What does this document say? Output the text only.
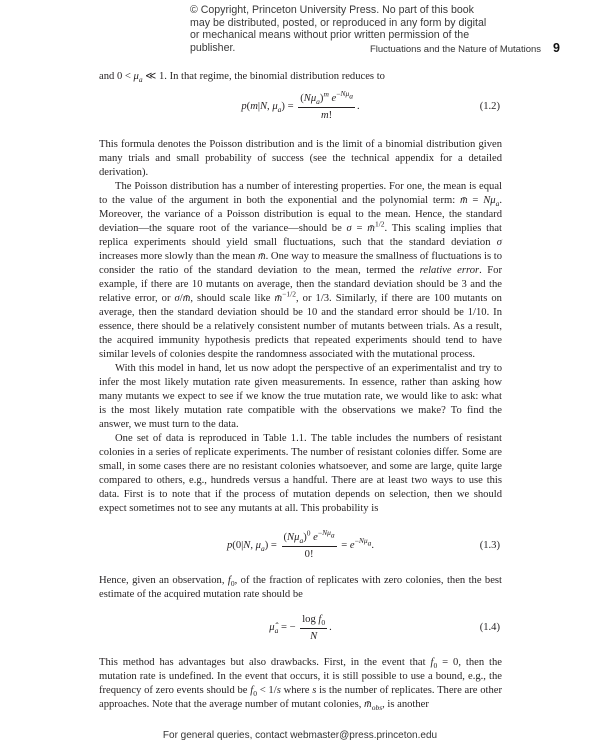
© Copyright, Princeton University Press. No part of this book may be distributed, posted, or reproduced in any form by digital or mechanical means without prior written permission of the publisher.	Fluctuations and the Nature of Mutations 9

and $0 < \mu_a$ ≪ 1. In that regime, the binomial distribution reduces to

p(m|N, $\mu_a) = \frac{(N\mu_a)^m e^{-N\mu_a}}{m!}$ .	(1.2)

This formula denotes the Poisson distribution and is the limit of a binomial distribution given many trials and small probability of success (see the technical appendix for a detailed derivation).

The Poisson distribution has a number of interesting properties. For one, the mean is equal to the value of the argument in both the exponential and the polynomial term: m̄ = $N\mu_a$. Moreover, the variance of a Poisson distribution is equal to the mean. Hence, the standard deviation—the square root of the variance—should be σ = m̄$^{1/2}$. This scaling implies that replica experiments should yield small fluctuations, such that the standard deviation σ increases more slowly than the mean m̄. One way to measure the smallness of fluctuations is to consider the ratio of the standard deviation to the mean, termed the relative error. For example, if there are 10 mutants on average, then the standard deviation should be 3 and the relative error, or σ/m̄, should scale like m̄$^{-1/2}$, or 1/3. Similarly, if there are 100 mutants on average, then the standard deviation should be 10 and the standard error should be 1/10. In essence, there should be a relatively consistent number of mutants between trials. As a result, the acquired immunity hypothesis predicts that repeated experiments should tend to have similar levels of colonies despite the randomness associated with the mutational process.

With this model in hand, let us now adopt the perspective of an experimentalist and try to infer the most likely mutation rate given measurements. In essence, rather than asking how many mutants we expect to see if we know the true mutation rate, we would like to ask: what is the most likely mutation rate compatible with the observations we make? To find the answer, we must turn to the data.

One set of data is reproduced in Table 1.1. The table includes the numbers of resistant colonies in a series of replicate experiments. The number of resistant colonies differ. Some are small, in some cases there are no resistant colonies whatsoever, and some are large, quite large compared to others, e.g., hundreds versus a handful. There are at least two ways to use this data. First is to note that if the process of mutation depends on selection, then we should expect sometimes not to see any mutants at all. This probability is

p(0|N, $\mu_a) = \frac{(N\mu_a)^0 e^{-N\mu_a}}{0!} = e^{-N\mu_a}$.	(1.3)

Hence, given an observation, $f_0$, of the fraction of replicates with zero colonies, then the best estimate of the acquired mutation rate should be

$\mû_a$ = − $\frac{\log f_0}{N}$ .	(1.4)

This method has advantages but also drawbacks. First, in the event that $f_0 = 0$, then the mutation rate is undefined. In the event that occurs, it is still possible to use a bound, e.g., the frequency of zero events should be $f_0 < 1/s$ where s is the number of replicates. There are other approaches. Note that the average number of mutant colonies, $m̄_{obs}$, is another

For general queries, contact webmaster@press.princeton.edu
